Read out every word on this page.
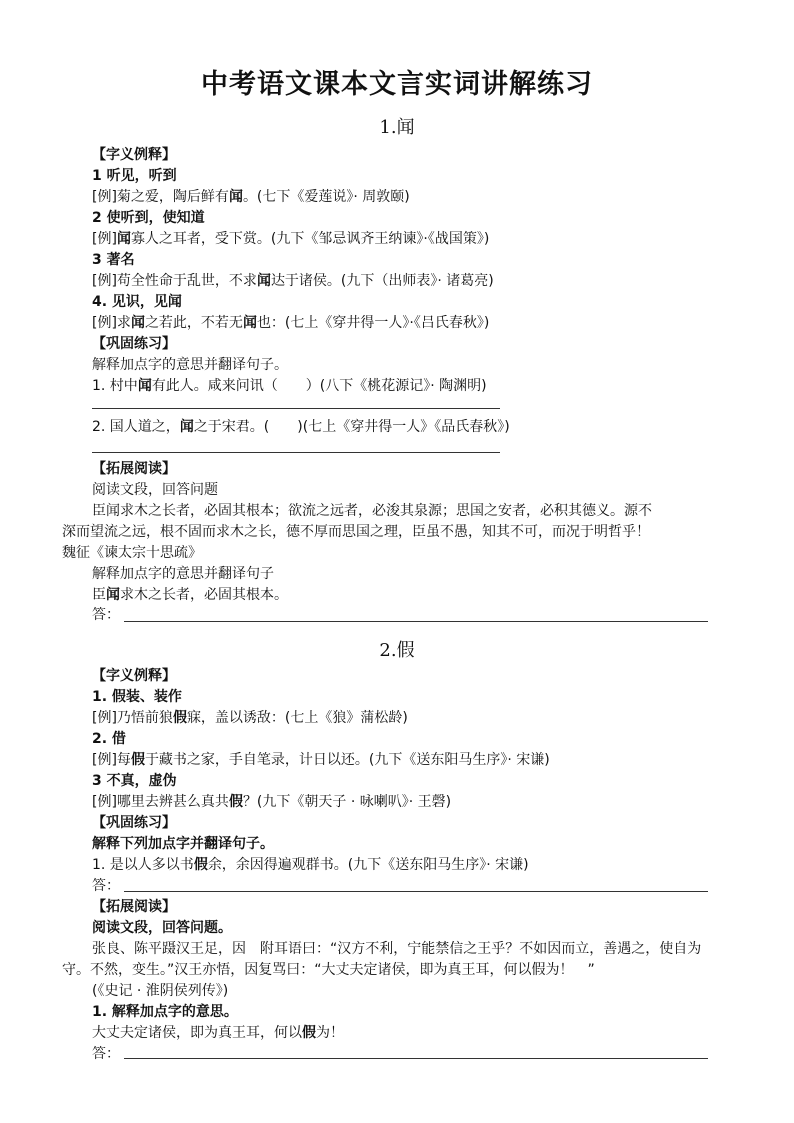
中考语文课本文言实词讲解练习
1.闻
【字义例释】
1 听见，听到
[例]菊之爱，陶后鲜有闻。(七下《爱莲说》· 周敦颐)
2 使听到，使知道
[例]闻寡人之耳者，受下赏。(九下《邹忌讽齐王纳谏》·《战国策》)
3 著名
[例]苟全性命于乱世，不求闻达于诸侯。(九下（出师表》· 诸葛亮)
4. 见识，见闻
[例]求闻之若此，不若无闻也：(七上《穿井得一人》·《吕氏春秋》)
【巩固练习】
解释加点字的意思并翻译句子。
1. 村中闻有此人。咸来问讯（　　）(八下《桃花源记》· 陶渊明)
2. 国人道之，闻之于宋君。(　　)(七上《穿井得一人》《品氏春秋》)
【拓展阅读】
阅读文段，回答问题
臣闻求木之长者，必固其根本；欲流之远者，必浚其泉源；思国之安者，必积其德义。源不
深而望流之远，根不固而求木之长，德不厚而思国之理，臣虽不愚，知其不可，而况于明哲乎！
魏征《谏太宗十思疏》
解释加点字的意思并翻译句子
臣闻求木之长者，必固其根本。
答：
2.假
【字义例释】
1. 假装、装作
[例]乃悟前狼假寐，盖以诱敌：(七上《狼》蒲松龄)
2. 借
[例]每假于藏书之家，手自笔录，计日以还。(九下《送东阳马生序》· 宋谦)
3 不真，虚伪
[例]哪里去辨甚么真共假？(九下《朝天子 · 咏喇叭》· 王磬)
【巩固练习】
解释下列加点字并翻译句子。
1. 是以人多以书假余，余因得遍观群书。(九下《送东阳马生序》· 宋谦)
答：
【拓展阅读】
阅读文段，回答问题。
张良、陈平蹑汉王足，因　附耳语曰：“汉方不利，宁能禁信之王乎？不如因而立，善遇之，使自为
守。不然，变生。”汉王亦悟，因复骂曰：“大丈夫定诸侯，即为真王耳，何以假为！　”
(《史记 · 淮阴侯列传》)
1. 解释加点字的意思。
大丈夫定诸侯，即为真王耳，何以假为！
答：
